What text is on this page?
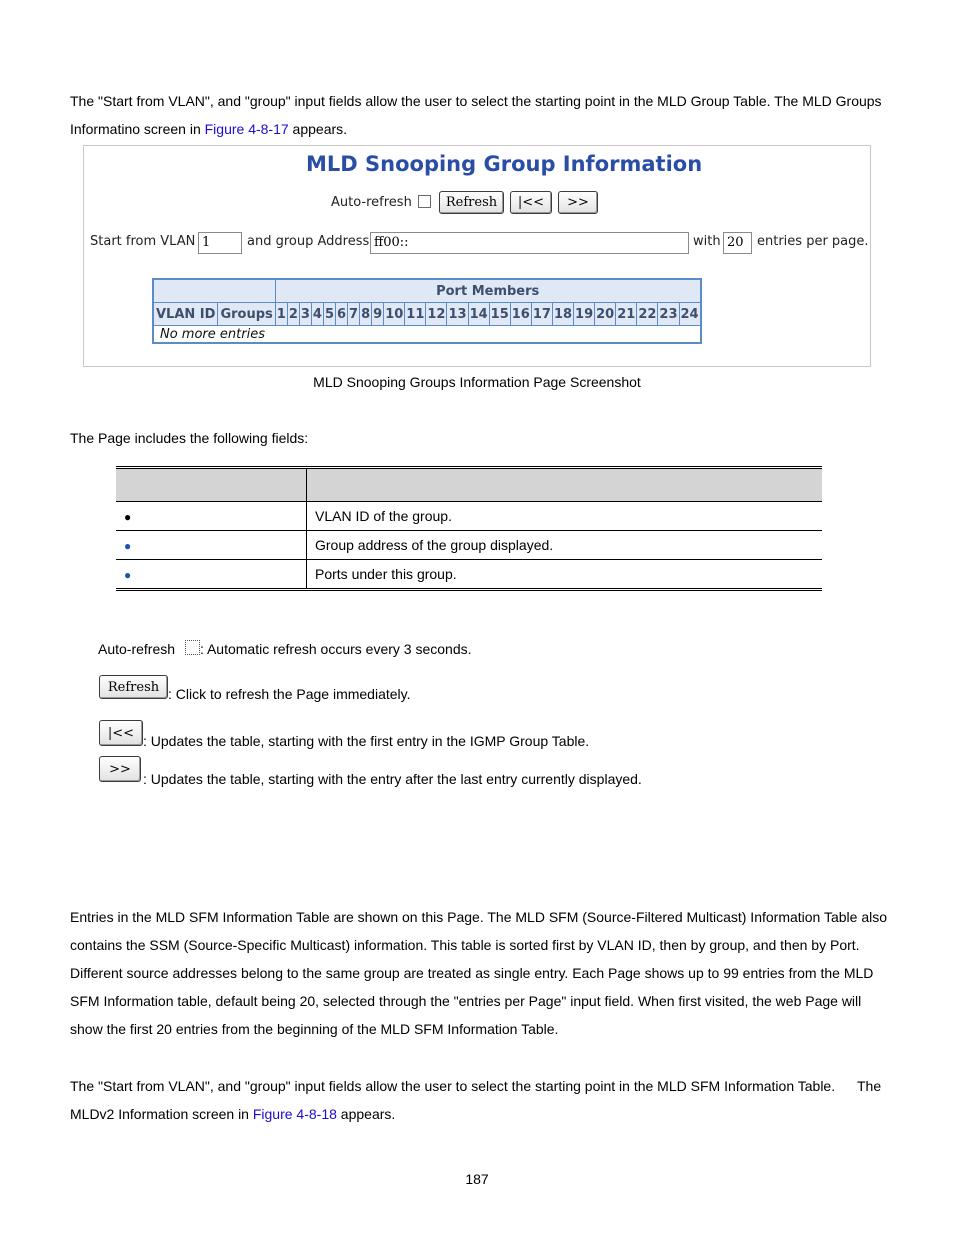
The "Start from VLAN", and "group" input fields allow the user to select the starting point in the MLD Group Table. The MLD Groups
Informatino screen in Figure 4-8-17 appears.
MLD Snooping Group Information
Auto-refresh	Refresh	|<<	>>
Start from VLAN 1	and group Address ff00::	with 20	entries per page.
		Port Members																							
VLAN ID	Groups	1	2	3	4	5	6	7	8	9	10	11	12	13	14	15	16	17	18	19	20	21	22	23	24
No more entries																									
MLD Snooping Groups Information Page Screenshot
The Page includes the following fields:

●	VLAN ID of the group.
●	Group address of the group displayed.
●	Ports under this group.
Auto-refresh : Automatic refresh occurs every 3 seconds.
Refresh : Click to refresh the Page immediately.
|<< : Updates the table, starting with the first entry in the IGMP Group Table.
>>
: Updates the table, starting with the entry after the last entry currently displayed.
Entries in the MLD SFM Information Table are shown on this Page. The MLD SFM (Source-Filtered Multicast) Information Table also
contains the SSM (Source-Specific Multicast) information. This table is sorted first by VLAN ID, then by group, and then by Port.
Different source addresses belong to the same group are treated as single entry. Each Page shows up to 99 entries from the MLD
SFM Information table, default being 20, selected through the "entries per Page" input field. When first visited, the web Page will
show the first 20 entries from the beginning of the MLD SFM Information Table.
The "Start from VLAN", and "group" input fields allow the user to select the starting point in the MLD SFM Information Table. The
MLDv2 Information screen in Figure 4-8-18 appears.
187
